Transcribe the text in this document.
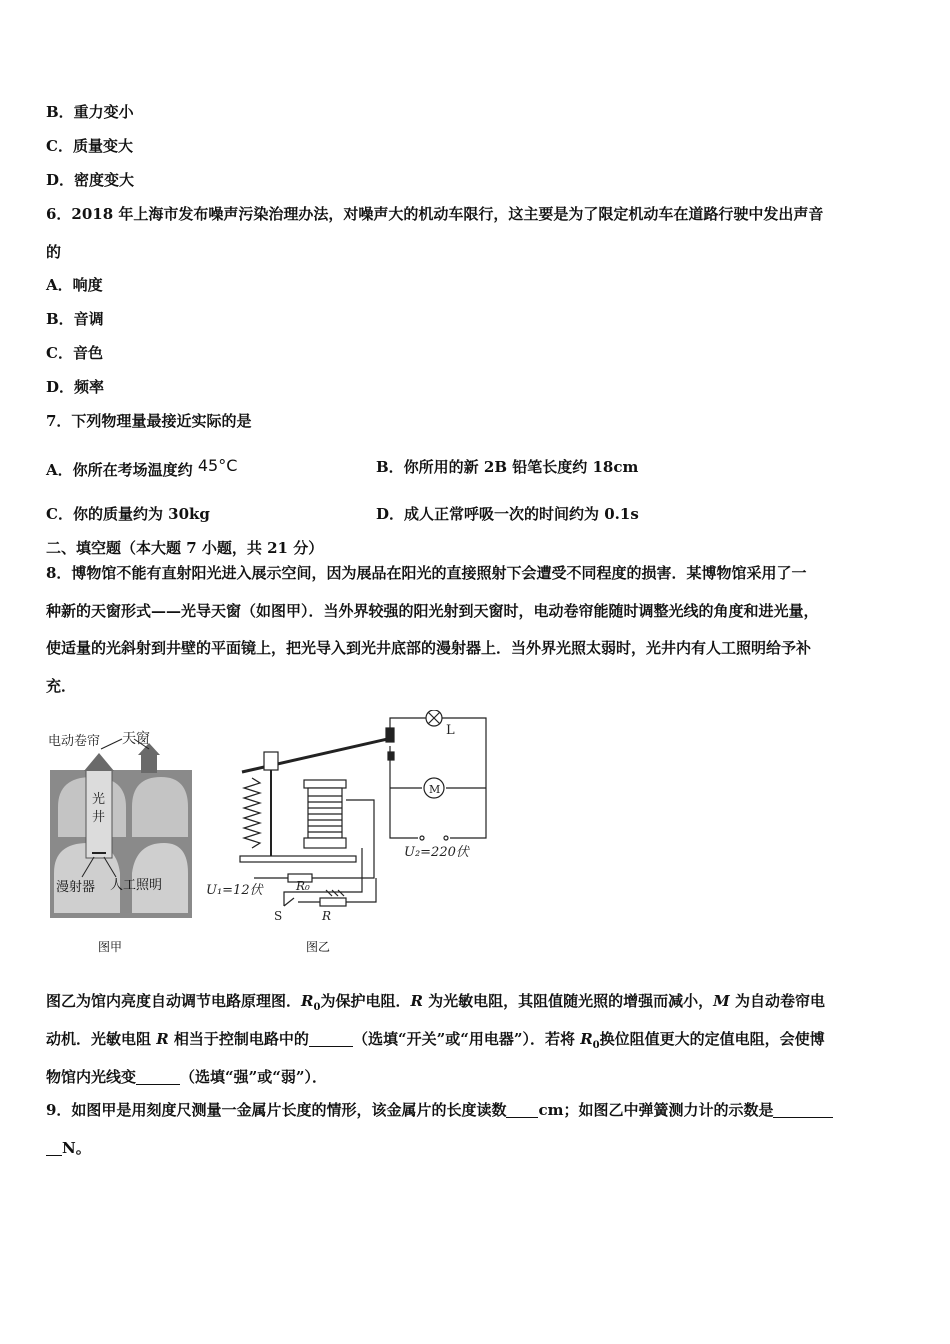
B．重力变小
C．质量变大
D．密度变大
6．2018 年上海市发布噪声污染治理办法，对噪声大的机动车限行，这主要是为了限定机动车在道路行驶中发出声音
的
A．响度
B．音调
C．音色
D．频率
7．下列物理量最接近实际的是
A．你所在考场温度约 45°C	B．你所用的新 2B 铅笔长度约 18cm
C．你的质量约为 30kg	D．成人正常呼吸一次的时间约为 0.1s
二、填空题（本大题 7 小题，共 21 分）
8．博物馆不能有直射阳光进入展示空间，因为展品在阳光的直接照射下会遭受不同程度的损害．某博物馆采用了一
种新的天窗形式——光导天窗（如图甲）．当外界较强的阳光射到天窗时，电动卷帘能随时调整光线的角度和进光量，
使适量的光斜射到井壁的平面镜上，把光导入到光井底部的漫射器上．当外界光照太弱时，光井内有人工照明给予补
充．
电动卷帘 天窗
光
井
漫射器 人工照明
图甲
L
M
U₂=220伏
U₁=12伏	R₀
R
S
图乙
图乙为馆内亮度自动调节电路原理图．$R_0$为保护电阻．R 为光敏电阻，其阻值随光照的增强而减小，M 为自动卷帘电
动机．光敏电阻 R 相当于控制电路中的	（选填“开关”或“用电器”）．若将 $R_0$换位阻值更大的定值电阻，会使博
物馆内光线变	（选填“强”或“弱”）．
9．如图甲是用刻度尺测量一金属片长度的情形，该金属片的长度读数 cm；如图乙中弹簧测力计的示数是
N。
